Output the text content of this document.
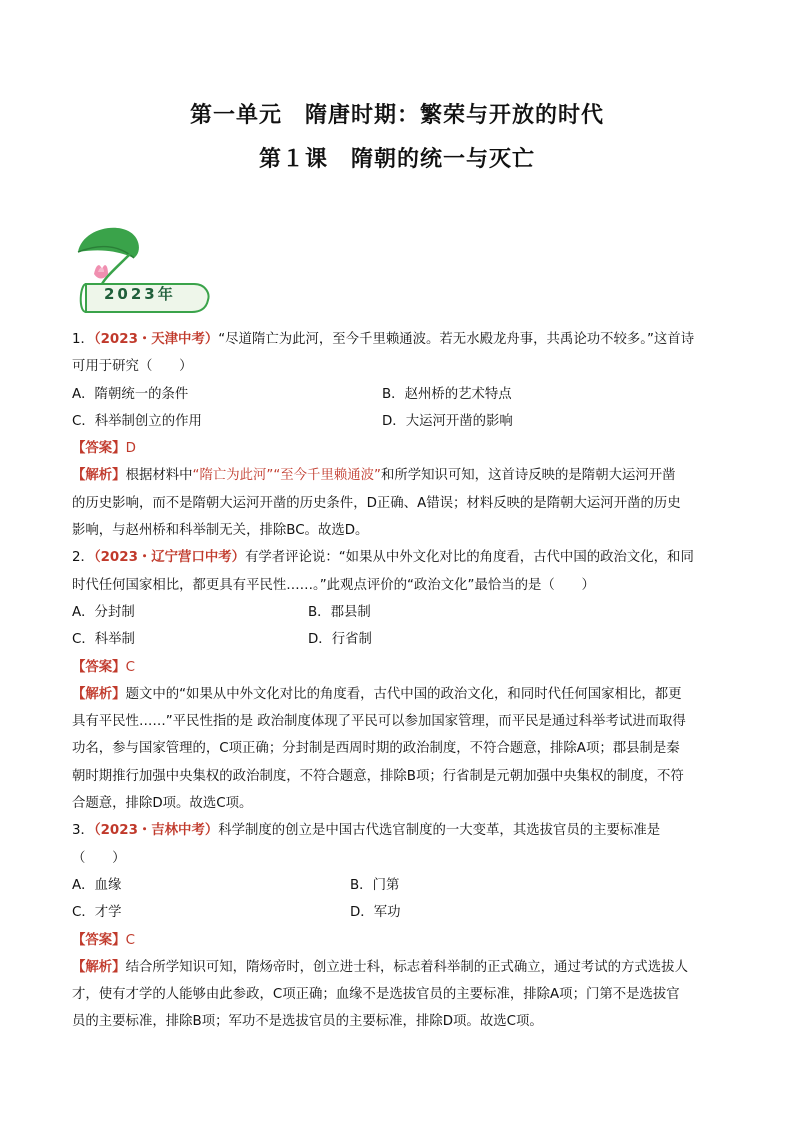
第一单元　隋唐时期：繁荣与开放的时代
第１课　隋朝的统一与灭亡
2023年
1．（2023・天津中考）“尽道隋亡为此河，至今千里赖通波。若无水殿龙舟事，共禹论功不较多。”这首诗
可用于研究（　　）
A．隋朝统一的条件	B．赵州桥的艺术特点
C．科举制创立的作用	D．大运河开凿的影响
【答案】D
【解析】根据材料中“隋亡为此河”“至今千里赖通波”和所学知识可知，这首诗反映的是隋朝大运河开凿
的历史影响，而不是隋朝大运河开凿的历史条件，D正确、A错误；材料反映的是隋朝大运河开凿的历史
影响，与赵州桥和科举制无关，排除BC。故选D。
2．（2023・辽宁营口中考）有学者评论说：“如果从中外文化对比的角度看，古代中国的政治文化，和同
时代任何国家相比，都更具有平民性……。”此观点评价的“政治文化”最恰当的是（　　）
A．分封制	B．郡县制
C．科举制	D．行省制
【答案】C
【解析】题文中的“如果从中外文化对比的角度看，古代中国的政治文化，和同时代任何国家相比，都更
具有平民性……”平民性指的是 政治制度体现了平民可以参加国家管理，而平民是通过科举考试进而取得
功名，参与国家管理的，C项正确；分封制是西周时期的政治制度，不符合题意，排除A项；郡县制是秦
朝时期推行加强中央集权的政治制度，不符合题意，排除B项；行省制是元朝加强中央集权的制度，不符
合题意，排除D项。故选C项。
3．（2023・吉林中考）科学制度的创立是中国古代选官制度的一大变革，其选拔官员的主要标准是
（　　）
A．血缘	B．门第
C．才学	D．军功
【答案】C
【解析】结合所学知识可知，隋炀帝时，创立进士科，标志着科举制的正式确立，通过考试的方式选拔人
才，使有才学的人能够由此参政，C项正确；血缘不是选拔官员的主要标准，排除A项；门第不是选拔官
员的主要标准，排除B项；军功不是选拔官员的主要标准，排除D项。故选C项。
